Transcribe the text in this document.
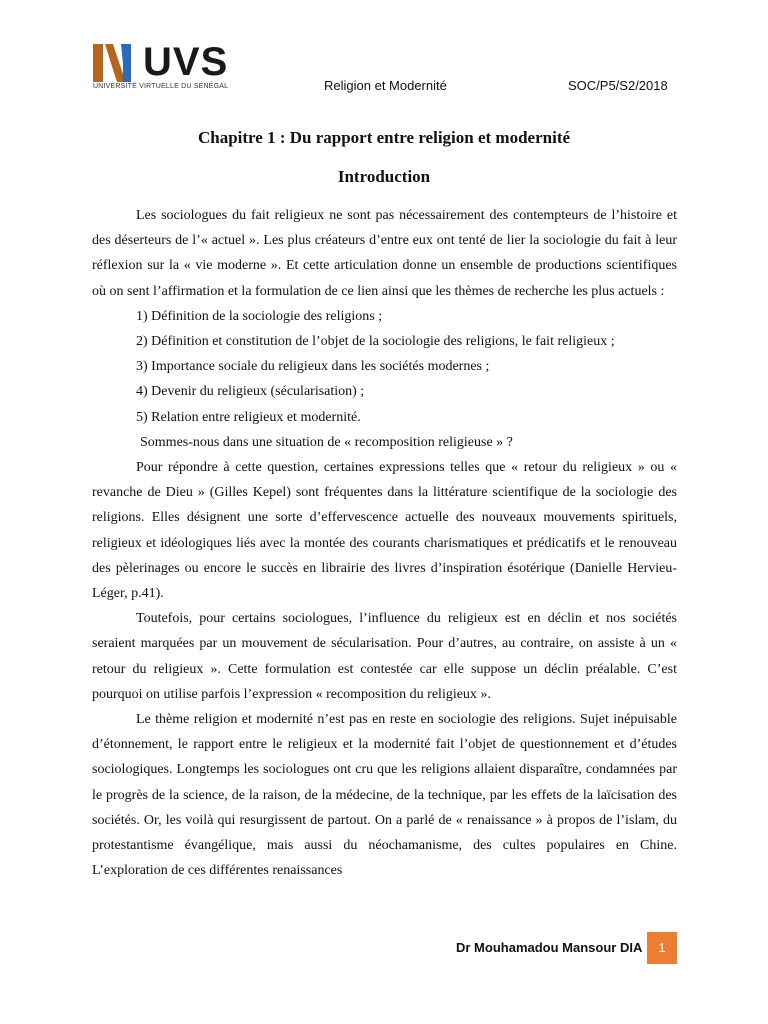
UVS
UNIVERSITÉ VIRTUELLE DU SÉNÉGAL	Religion et Modernité	SOC/P5/S2/2018
Chapitre 1 : Du rapport entre religion et modernité
Introduction

Les sociologues du fait religieux ne sont pas nécessairement des contempteurs de l’histoire et des déserteurs de l’« actuel ». Les plus créateurs d’entre eux ont tenté de lier la sociologie du fait à leur réflexion sur la « vie moderne ». Et cette articulation donne un ensemble de productions scientifiques où on sent l’affirmation et la formulation de ce lien ainsi que les thèmes de recherche les plus actuels :

1) Définition de la sociologie des religions ;

2) Définition et constitution de l’objet de la sociologie des religions, le fait religieux ;

3) Importance sociale du religieux dans les sociétés modernes ;

4) Devenir du religieux (sécularisation) ;

5) Relation entre religieux et modernité.

Sommes-nous dans une situation de « recomposition religieuse » ?

Pour répondre à cette question, certaines expressions telles que « retour du religieux » ou « revanche de Dieu » (Gilles Kepel) sont fréquentes dans la littérature scientifique de la sociologie des religions. Elles désignent une sorte d’effervescence actuelle des nouveaux mouvements spirituels, religieux et idéologiques liés avec la montée des courants charismatiques et prédicatifs et le renouveau des pèlerinages ou encore le succès en librairie des livres d’inspiration ésotérique (Danielle Hervieu-Léger, p.41).

Toutefois, pour certains sociologues, l’influence du religieux est en déclin et nos sociétés seraient marquées par un mouvement de sécularisation. Pour d’autres, au contraire, on assiste à un « retour du religieux ». Cette formulation est contestée car elle suppose un déclin préalable. C’est pourquoi on utilise parfois l’expression « recomposition du religieux ».

Le thème religion et modernité n’est pas en reste en sociologie des religions. Sujet inépuisable d’étonnement, le rapport entre le religieux et la modernité fait l’objet de questionnement et d’études sociologiques. Longtemps les sociologues ont cru que les religions allaient disparaître, condamnées par le progrès de la science, de la raison, de la médecine, de la technique, par les effets de la laïcisation des sociétés. Or, les voilà qui resurgissent de partout. On a parlé de « renaissance » à propos de l’islam, du protestantisme évangélique, mais aussi du néochamanisme, des cultes populaires en Chine. L’exploration de ces différentes renaissances

Dr Mouhamadou Mansour DIA	1
